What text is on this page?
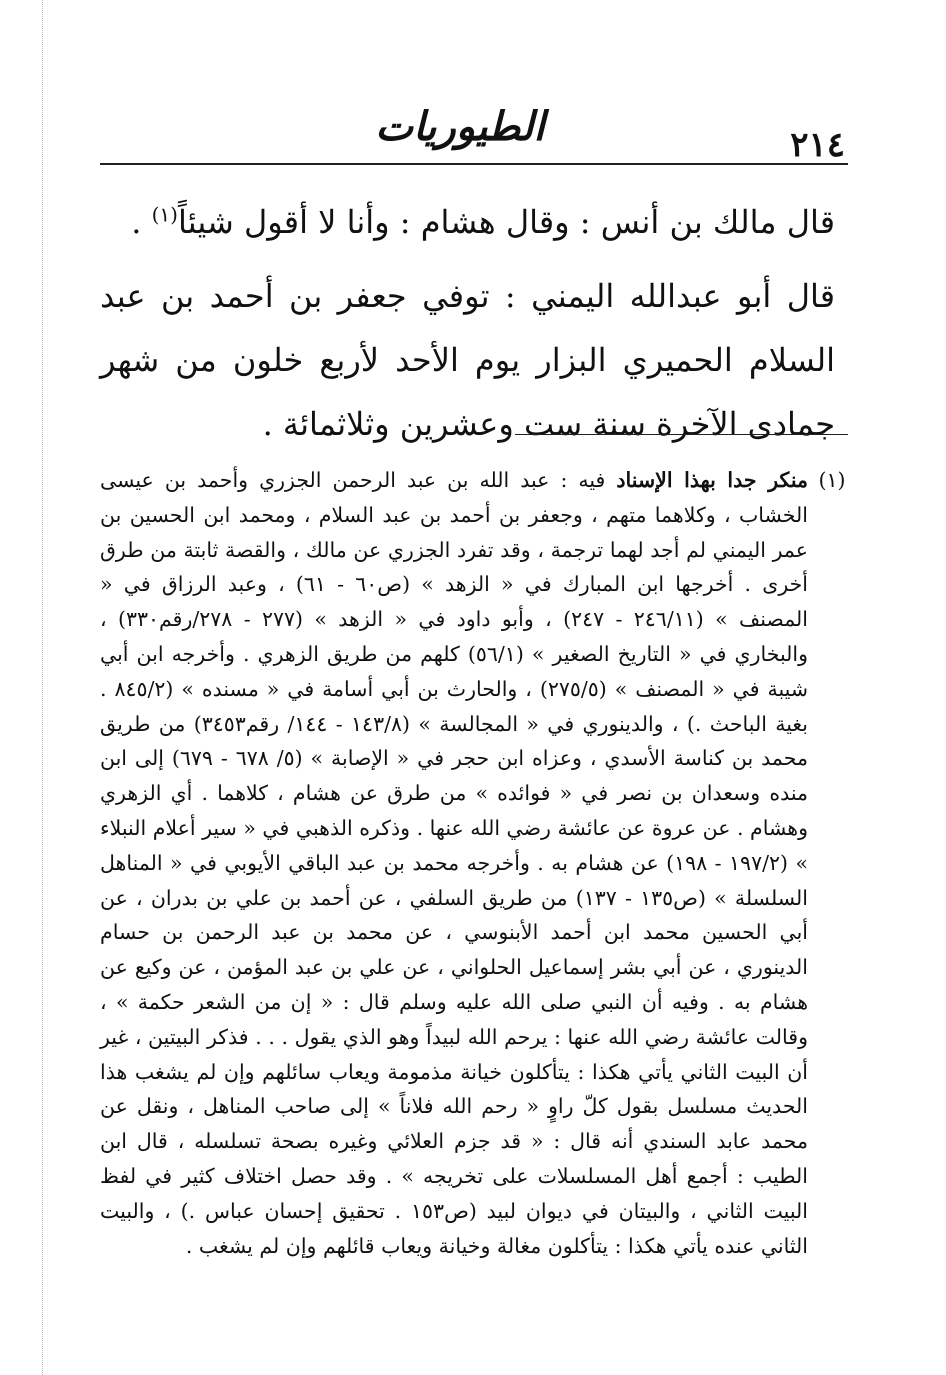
الطيوريات	٢١٤

قال مالك بن أنس : وقال هشام : وأنا لا أقول شيئاً$^{(١)}$ .

قال أبو عبدالله اليمني : توفي جعفر بن أحمد بن عبد السلام الحميري البزار يوم الأحد لأربع خلون من شهر جمادى الآخرة سنة ست وعشرين وثلاثمائة .

(١)
منكر جدا بهذا الإسناد فيه : عبد الله بن عبد الرحمن الجزري وأحمد بن عيسى الخشاب ، وكلاهما متهم ، وجعفر بن أحمد بن عبد السلام ، ومحمد ابن الحسين بن عمر اليمني لم أجد لهما ترجمة ، وقد تفرد الجزري عن مالك ، والقصة ثابتة من طرق أخرى . أخرجها ابن المبارك في « الزهد » (ص٦٠ - ٦١) ، وعبد الرزاق في « المصنف » (٢٤٦/١١ - ٢٤٧) ، وأبو داود في « الزهد » (٢٧٧ - ٢٧٨/رقم٣٣٠) ، والبخاري في « التاريخ الصغير » (٥٦/١) كلهم من طريق الزهري . وأخرجه ابن أبي شيبة في « المصنف » (٢٧٥/٥) ، والحارث بن أبي أسامة في « مسنده » (٨٤٥/٢ . بغية الباحث .) ، والدينوري في « المجالسة » (١٤٣/٨ - ١٤٤/ رقم٣٤٥٣) من طريق محمد بن كناسة الأسدي ، وعزاه ابن حجر في « الإصابة » (٥/ ٦٧٨ - ٦٧٩) إلى ابن منده وسعدان بن نصر في « فوائده » من طرق عن هشام ، كلاهما . أي الزهري وهشام . عن عروة عن عائشة رضي الله عنها . وذكره الذهبي في « سير أعلام النبلاء » (١٩٧/٢ - ١٩٨) عن هشام به . وأخرجه محمد بن عبد الباقي الأيوبي في « المناهل السلسلة » (ص١٣٥ - ١٣٧) من طريق السلفي ، عن أحمد بن علي بن بدران ، عن أبي الحسين محمد ابن أحمد الأبنوسي ، عن محمد بن عبد الرحمن بن حسام الدينوري ، عن أبي بشر إسماعيل الحلواني ، عن علي بن عبد المؤمن ، عن وكيع عن هشام به . وفيه أن النبي صلى الله عليه وسلم قال : « إن من الشعر حكمة » ، وقالت عائشة رضي الله عنها : يرحم الله لبيداً وهو الذي يقول . . . فذكر البيتين ، غير أن البيت الثاني يأتي هكذا : يتأكلون خيانة مذمومة ويعاب سائلهم وإن لم يشغب هذا الحديث مسلسل بقول كلّ راوٍ « رحم الله فلاناً » إلى صاحب المناهل ، ونقل عن محمد عابد السندي أنه قال : « قد جزم العلائي وغيره بصحة تسلسله ، قال ابن الطيب : أجمع أهل المسلسلات على تخريجه » . وقد حصل اختلاف كثير في لفظ البيت الثاني ، والبيتان في ديوان لبيد (ص١٥٣ . تحقيق إحسان عباس .) ، والبيت الثاني عنده يأتي هكذا : يتأكلون مغالة وخيانة ويعاب قائلهم وإن لم يشغب .
